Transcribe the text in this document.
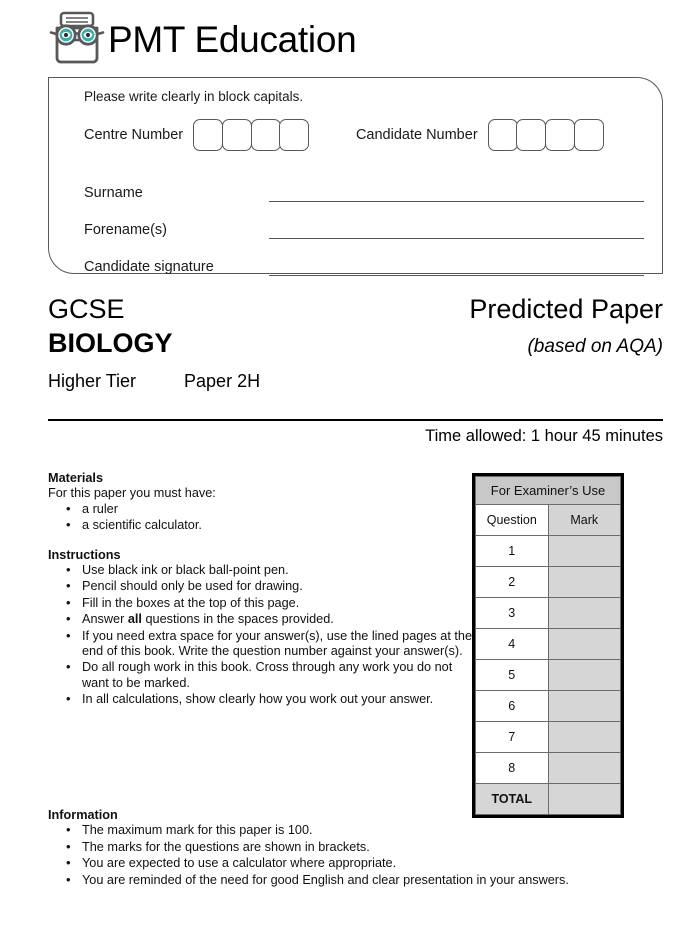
PMT Education
Please write clearly in block capitals.
Centre Number	Candidate Number
Surname
Forename(s)
Candidate signature
GCSE	Predicted Paper
BIOLOGY	(based on AQA)
Higher Tier	Paper 2H
Time allowed: 1 hour 45 minutes

Materials

For this paper you must have:

• a ruler
• a scientific calculator.

Instructions

• Use black ink or black ball-point pen.
• Pencil should only be used for drawing.
• Fill in the boxes at the top of this page.
• Answer all questions in the spaces provided.
• If you need extra space for your answer(s), use the lined pages at the end of this book. Write the question number against your answer(s).
• Do all rough work in this book. Cross through any work you do not want to be marked.
• In all calculations, show clearly how you work out your answer.

Information

• The maximum mark for this paper is 100.
• The marks for the questions are shown in brackets.
• You are expected to use a calculator where appropriate.
• You are reminded of the need for good English and clear presentation in your answers.
For Examiner’s Use	
Question	Mark
1	
2	
3	
4	
5	
6	
7	
8	
TOTAL	
